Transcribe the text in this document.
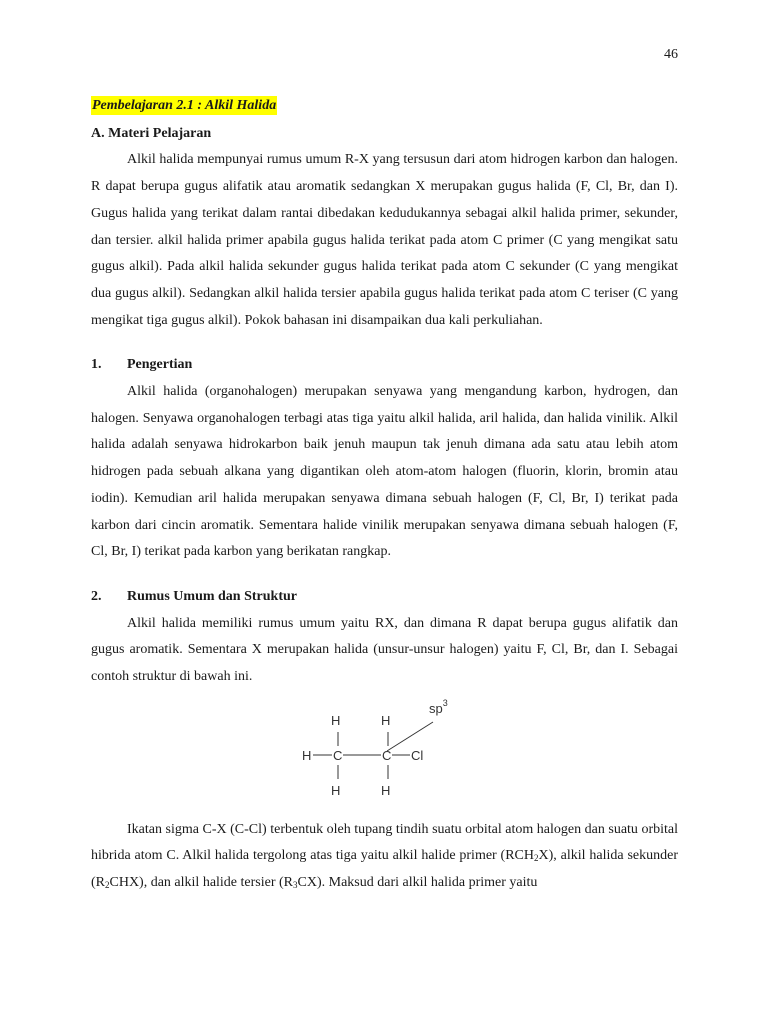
46
Pembelajaran 2.1 : Alkil Halida
A. Materi Pelajaran

Alkil halida mempunyai rumus umum R-X yang tersusun dari atom hidrogen karbon dan halogen. R dapat berupa gugus alifatik atau aromatik sedangkan X merupakan gugus halida (F, Cl, Br, dan I). Gugus halida yang terikat dalam rantai dibedakan kedudukannya sebagai alkil halida primer, sekunder, dan tersier. alkil halida primer apabila gugus halida terikat pada atom C primer (C yang mengikat satu gugus alkil). Pada alkil halida sekunder gugus halida terikat pada atom C sekunder (C yang mengikat dua gugus alkil). Sedangkan alkil halida tersier apabila gugus halida terikat pada atom C teriser (C yang mengikat tiga gugus alkil). Pokok bahasan ini disampaikan dua kali perkuliahan.

1.	Pengertian

Alkil halida (organohalogen) merupakan senyawa yang mengandung karbon, hydrogen, dan halogen. Senyawa organohalogen terbagi atas tiga yaitu alkil halida, aril halida, dan halida vinilik. Alkil halida adalah senyawa hidrokarbon baik jenuh maupun tak jenuh dimana ada satu atau lebih atom hidrogen pada sebuah alkana yang digantikan oleh atom-atom halogen (fluorin, klorin, bromin atau iodin). Kemudian aril halida merupakan senyawa dimana sebuah halogen (F, Cl, Br, I) terikat pada karbon dari cincin aromatik. Sementara halide vinilik merupakan senyawa dimana sebuah halogen (F, Cl, Br, I) terikat pada karbon yang berikatan rangkap.

2.	Rumus Umum dan Struktur

Alkil halida memiliki rumus umum yaitu RX, dan dimana R dapat berupa gugus alifatik dan gugus aromatik. Sementara X merupakan halida (unsur-unsur halogen) yaitu F, Cl, Br, dan I. Sebagai contoh struktur di bawah ini.

H	H
$sp^3$
H C	C Cl
H	H

Ikatan sigma C-X (C-Cl) terbentuk oleh tupang tindih suatu orbital atom halogen dan suatu orbital hibrida atom C. Alkil halida tergolong atas tiga yaitu alkil halide primer $(RCH_2X)$, alkil halida sekunder $(R_2CHX)$, dan alkil halide tersier $(R_3CX)$. Maksud dari alkil halida primer yaitu
